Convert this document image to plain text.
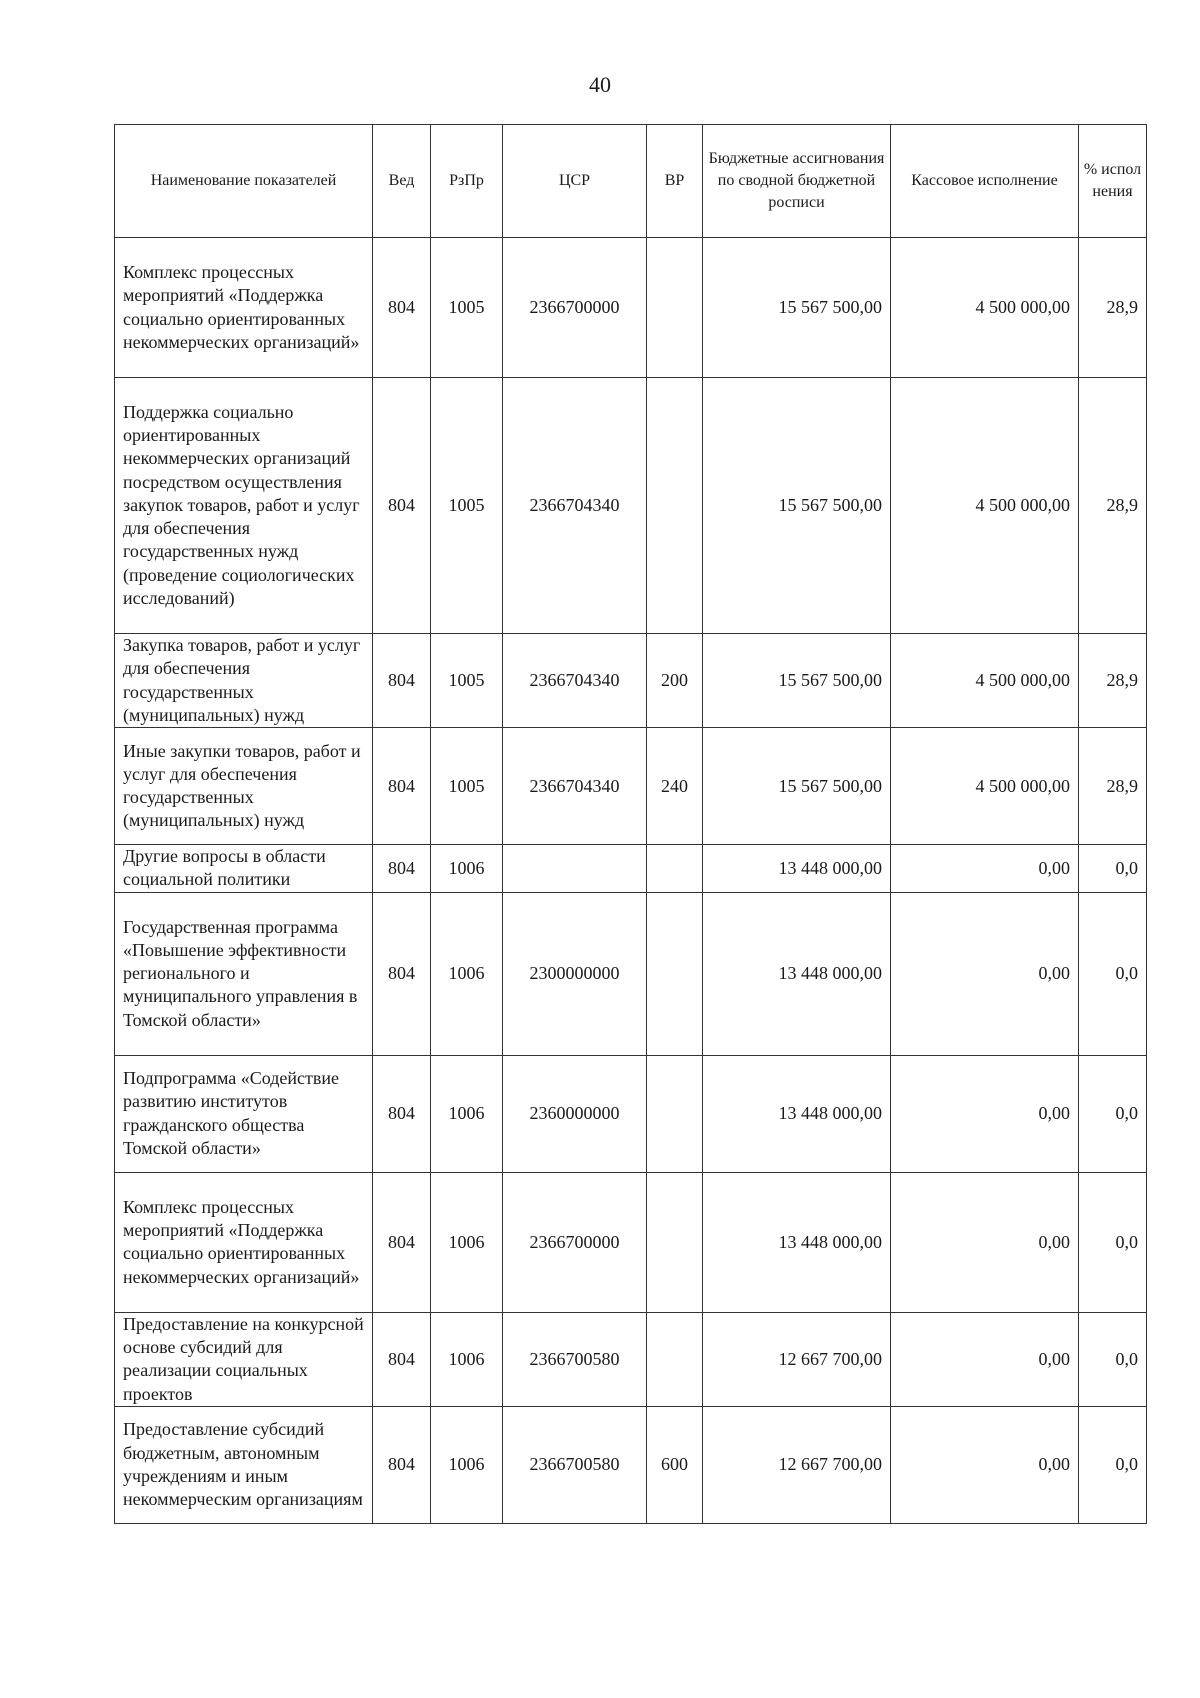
40
Наименование показателей	Вед	РзПр	ЦСР	ВР	Бюджетные ассигнования по сводной бюджетной росписи	Кассовое исполнение	% испол нения
Комплекс процессных мероприятий «Поддержка социально ориентированных некоммерческих организаций»	804	1005	2366700000		15 567 500,00	4 500 000,00	28,9
Поддержка социально ориентированных некоммерческих организаций посредством осуществления закупок товаров, работ и услуг для обеспечения государственных нужд (проведение социологических исследований)	804	1005	2366704340		15 567 500,00	4 500 000,00	28,9
Закупка товаров, работ и услуг для обеспечения государственных (муниципальных) нужд	804	1005	2366704340	200	15 567 500,00	4 500 000,00	28,9
Иные закупки товаров, работ и услуг для обеспечения государственных (муниципальных) нужд	804	1005	2366704340	240	15 567 500,00	4 500 000,00	28,9
Другие вопросы в области социальной политики	804	1006			13 448 000,00	0,00	0,0
Государственная программа «Повышение эффективности регионального и муниципального управления в Томской области»	804	1006	2300000000		13 448 000,00	0,00	0,0
Подпрограмма «Содействие развитию институтов гражданского общества Томской области»	804	1006	2360000000		13 448 000,00	0,00	0,0
Комплекс процессных мероприятий «Поддержка социально ориентированных некоммерческих организаций»	804	1006	2366700000		13 448 000,00	0,00	0,0
Предоставление на конкурсной основе субсидий для реализации социальных проектов	804	1006	2366700580		12 667 700,00	0,00	0,0
Предоставление субсидий бюджетным, автономным учреждениям и иным некоммерческим организациям	804	1006	2366700580	600	12 667 700,00	0,00	0,0
